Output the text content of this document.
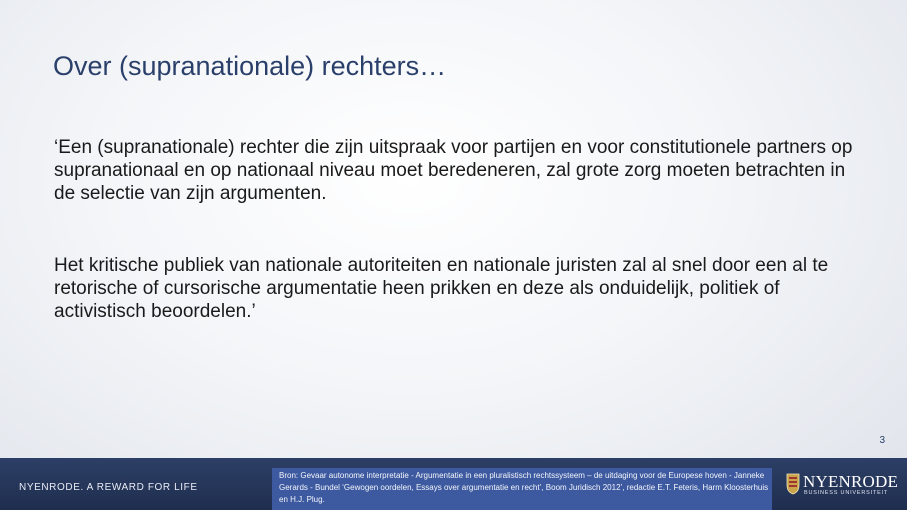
Over (supranationale) rechters…
‘Een (supranationale) rechter die zijn uitspraak voor partijen en voor constitutionele partners op supranationaal en op nationaal niveau moet beredeneren, zal grote zorg moeten betrachten in de selectie van zijn argumenten.
Het kritische publiek van nationale autoriteiten en nationale juristen zal al snel door een al te retorische of cursorische argumentatie heen prikken en deze als onduidelijk, politiek of activistisch beoordelen.’
3
NYENRODE. A REWARD FOR LIFE
Bron: Gevaar autonome interpretatie - Argumentatie in een pluralistisch rechtssysteem – de uitdaging voor de Europese hoven - Janneke Gerards - Bundel ‘Gewogen oordelen, Essays over argumentatie en recht’, Boom Juridisch 2012’, redactie E.T. Feteris, Harm Kloosterhuis en H.J. Plug.
NYENRODE
BUSINESS UNIVERSITEIT
